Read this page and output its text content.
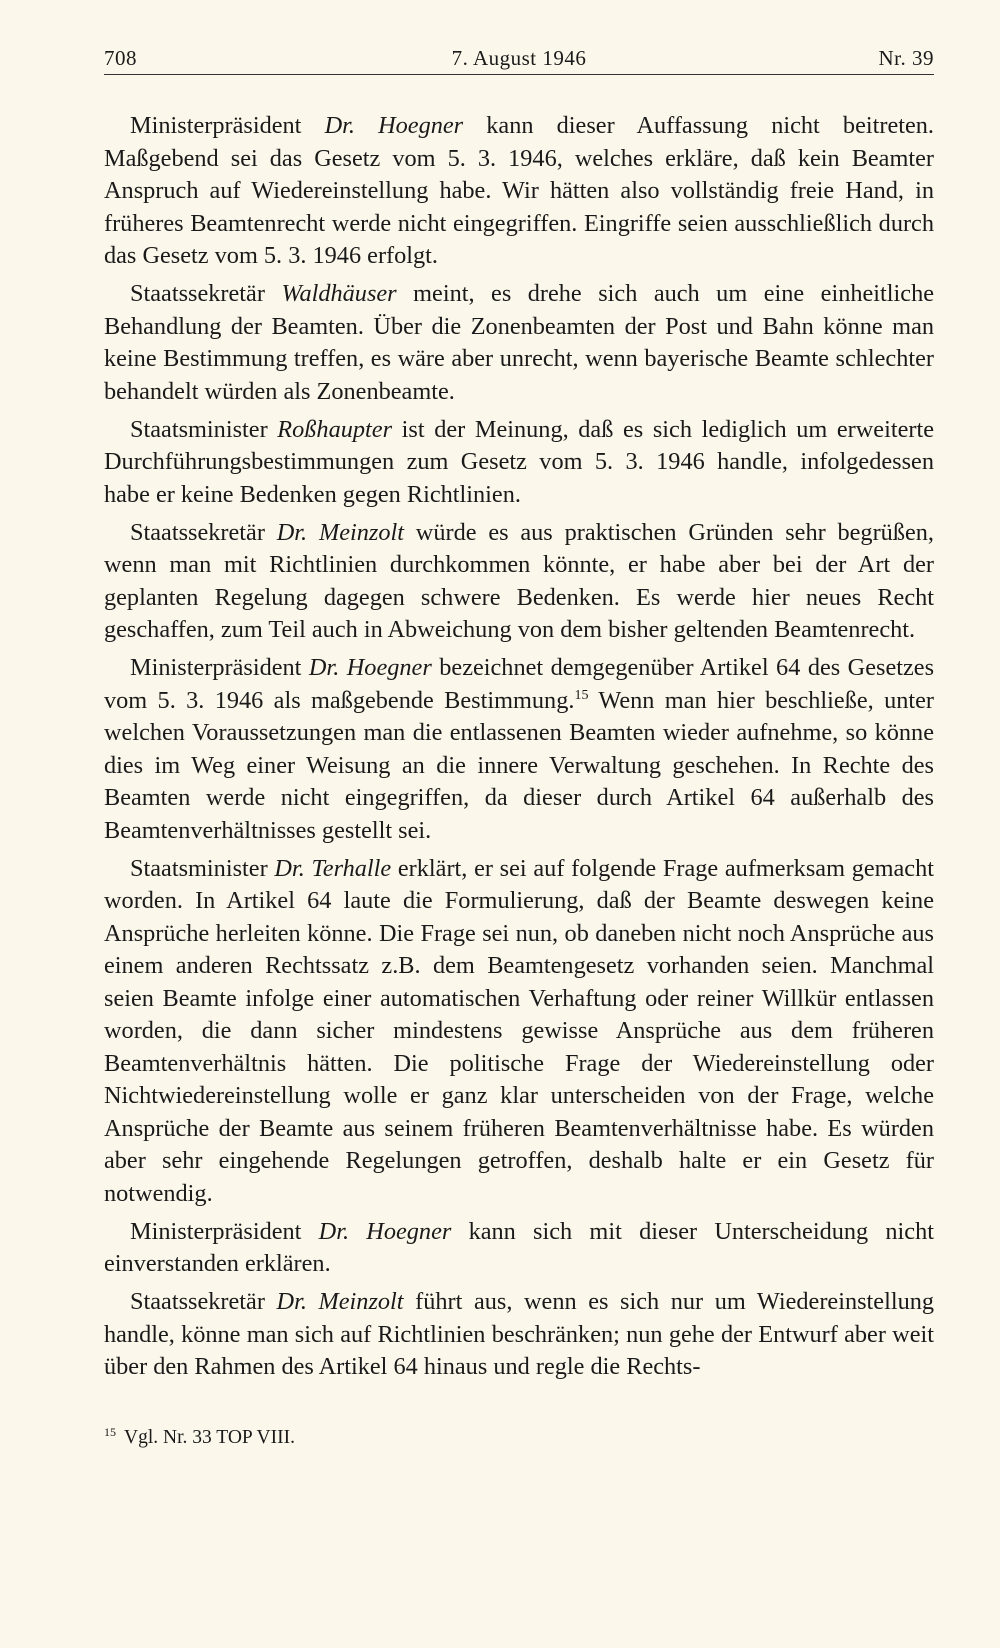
708	7. August 1946	Nr. 39

Ministerpräsident Dr. Hoegner kann dieser Auffassung nicht beitreten. Maßgebend sei das Gesetz vom 5. 3. 1946, welches erkläre, daß kein Beamter Anspruch auf Wiedereinstellung habe. Wir hätten also vollständig freie Hand, in früheres Beamtenrecht werde nicht eingegriffen. Eingriffe seien ausschließlich durch das Gesetz vom 5. 3. 1946 erfolgt.

Staatssekretär Waldhäuser meint, es drehe sich auch um eine einheitliche Behandlung der Beamten. Über die Zonenbeamten der Post und Bahn könne man keine Bestimmung treffen, es wäre aber unrecht, wenn bayerische Beamte schlechter behandelt würden als Zonenbeamte.

Staatsminister Roßhaupter ist der Meinung, daß es sich lediglich um erweiterte Durchführungsbestimmungen zum Gesetz vom 5. 3. 1946 handle, infolgedessen habe er keine Bedenken gegen Richtlinien.

Staatssekretär Dr. Meinzolt würde es aus praktischen Gründen sehr begrüßen, wenn man mit Richtlinien durchkommen könnte, er habe aber bei der Art der geplanten Regelung dagegen schwere Bedenken. Es werde hier neues Recht geschaffen, zum Teil auch in Abweichung von dem bisher geltenden Beamtenrecht.

Ministerpräsident Dr. Hoegner bezeichnet demgegenüber Artikel 64 des Gesetzes vom 5. 3. 1946 als maßgebende Bestimmung.$^{15}$ Wenn man hier beschließe, unter welchen Voraussetzungen man die entlassenen Beamten wieder aufnehme, so könne dies im Weg einer Weisung an die innere Verwaltung geschehen. In Rechte des Beamten werde nicht eingegriffen, da dieser durch Artikel 64 außerhalb des Beamtenverhältnisses gestellt sei.

Staatsminister Dr. Terhalle erklärt, er sei auf folgende Frage aufmerksam gemacht worden. In Artikel 64 laute die Formulierung, daß der Beamte deswegen keine Ansprüche herleiten könne. Die Frage sei nun, ob daneben nicht noch Ansprüche aus einem anderen Rechtssatz z.B. dem Beamtengesetz vorhanden seien. Manchmal seien Beamte infolge einer automatischen Verhaftung oder reiner Willkür entlassen worden, die dann sicher mindestens gewisse Ansprüche aus dem früheren Beamtenverhältnis hätten. Die politische Frage der Wiedereinstellung oder Nichtwiedereinstellung wolle er ganz klar unterscheiden von der Frage, welche Ansprüche der Beamte aus seinem früheren Beamtenverhältnisse habe. Es würden aber sehr eingehende Regelungen getroffen, deshalb halte er ein Gesetz für notwendig.

Ministerpräsident Dr. Hoegner kann sich mit dieser Unterscheidung nicht einverstanden erklären.

Staatssekretär Dr. Meinzolt führt aus, wenn es sich nur um Wiedereinstellung handle, könne man sich auf Richtlinien beschränken; nun gehe der Entwurf aber weit über den Rahmen des Artikel 64 hinaus und regle die Rechts-

$^{15}$ Vgl. Nr. 33 TOP VIII.
